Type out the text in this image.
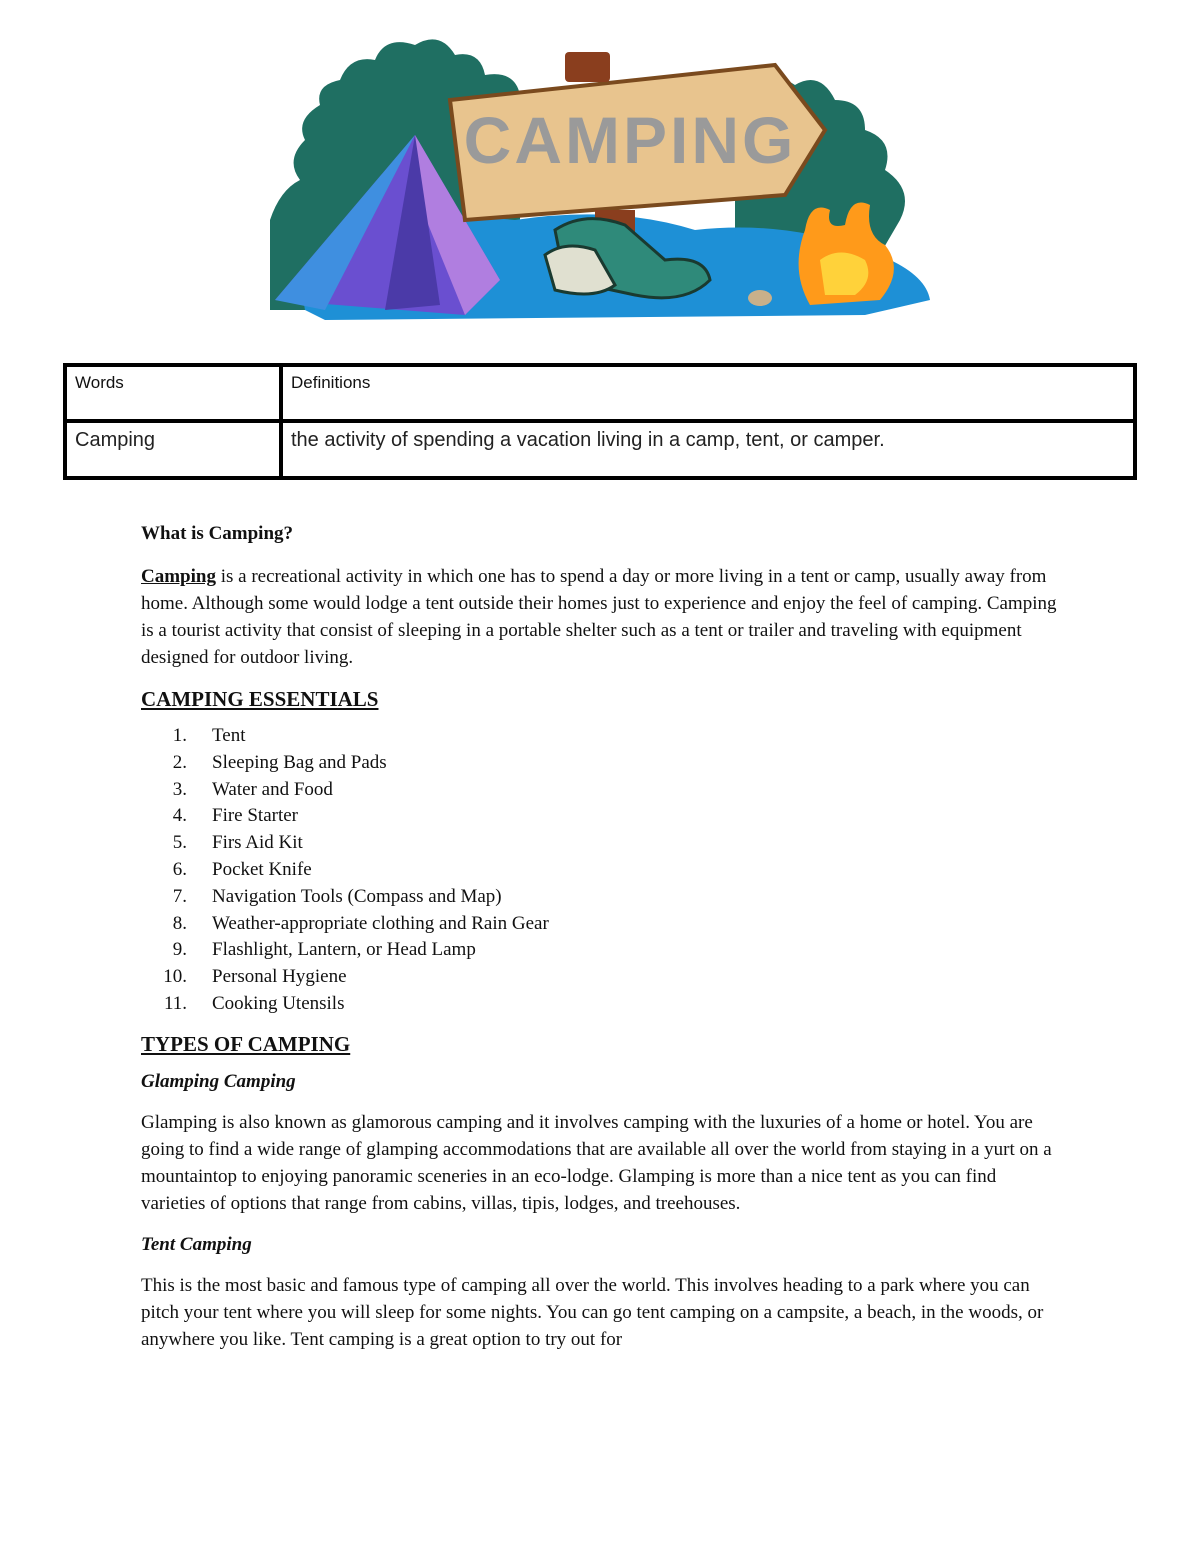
CAMPING
Words	Definitions
Camping	the activity of spending a vacation living in a camp, tent, or camper.

What is Camping?

Camping is a recreational activity in which one has to spend a day or more living in a tent or camp, usually away from home. Although some would lodge a tent outside their homes just to experience and enjoy the feel of camping. Camping is a tourist activity that consist of sleeping in a portable shelter such as a tent or trailer and traveling with equipment designed for outdoor living.

CAMPING ESSENTIALS
1.	Tent
2.	Sleeping Bag and Pads
3.	Water and Food
4.	Fire Starter
5.	Firs Aid Kit
6.	Pocket Knife
7.	Navigation Tools (Compass and Map)
8.	Weather-appropriate clothing and Rain Gear
9.	Flashlight, Lantern, or Head Lamp
10.	Personal Hygiene
11.	Cooking Utensils
TYPES OF CAMPING

Glamping Camping

Glamping is also known as glamorous camping and it involves camping with the luxuries of a home or hotel. You are going to find a wide range of glamping accommodations that are available all over the world from staying in a yurt on a mountaintop to enjoying panoramic sceneries in an eco-lodge. Glamping is more than a nice tent as you can find varieties of options that range from cabins, villas, tipis, lodges, and treehouses.

Tent Camping

This is the most basic and famous type of camping all over the world. This involves heading to a park where you can pitch your tent where you will sleep for some nights. You can go tent camping on a campsite, a beach, in the woods, or anywhere you like. Tent camping is a great option to try out for
